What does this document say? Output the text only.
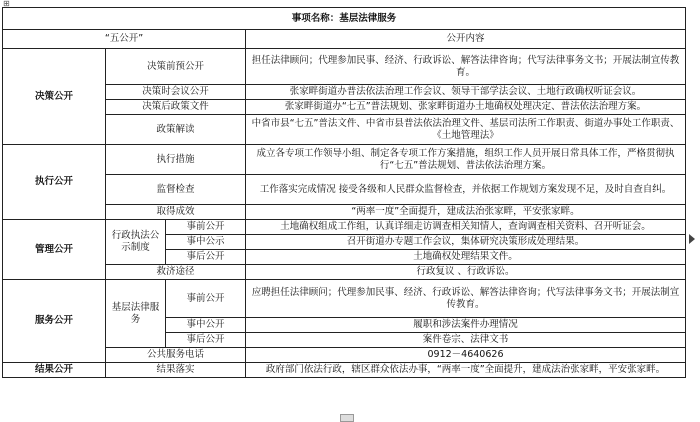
⊞
事项名称：基层法律服务			
“五公开”			公开内容
决策公开	决策前预公开		担任法律顾问；代理参加民事、经济、行政诉讼、解答法律咨询；代写法律事务文书；开展法制宣传教育。
	决策时会议公开		张家畔街道办普法依法治理工作会议、领导干部学法会议、土地行政确权听证会议。
	决策后政策文件		张家畔街道办“七五”普法规划、张家畔街道办土地确权处理决定、普法依法治理方案。
	政策解读		中省市县“七五”普法文件、中省市县普法依法治理文件、基层司法所工作职责、街道办事处工作职责、《土地管理法》
执行公开	执行措施		成立各专项工作领导小组、制定各专项工作方案措施，组织工作人员开展日常具体工作，严格贯彻执行“七五”普法规划、普法依法治理方案。
	监督检查		工作落实完成情况 接受各级和人民群众监督检查，并依据工作规划方案发现不足，及时自查自纠。
	取得成效		“两率一度”全面提升，建成法治张家畔，平安张家畔。
管理公开	行政执法公示制度	事前公开	土地确权组成工作组，认真详细走访调查相关知情人，查询调查相关资料、召开听证会。
		事中公示	召开街道办专题工作会议，集体研究决策形成处理结果。
		事后公开	土地确权处理结果文件。
	救济途径		行政复议 、行政诉讼。
服务公开	基层法律服务	事前公开	应聘担任法律顾问；代理参加民事、经济、行政诉讼、解答法律咨询；代写法律事务文书；开展法制宣传教育。
		事中公开	履职和涉法案件办理情况
		事后公开	案件卷宗、法律文书
	公共服务电话		0912－4640626
结果公开	结果落实		政府部门依法行政，辖区群众依法办事，“两率一度”全面提升，建成法治张家畔，平安张家畔。
